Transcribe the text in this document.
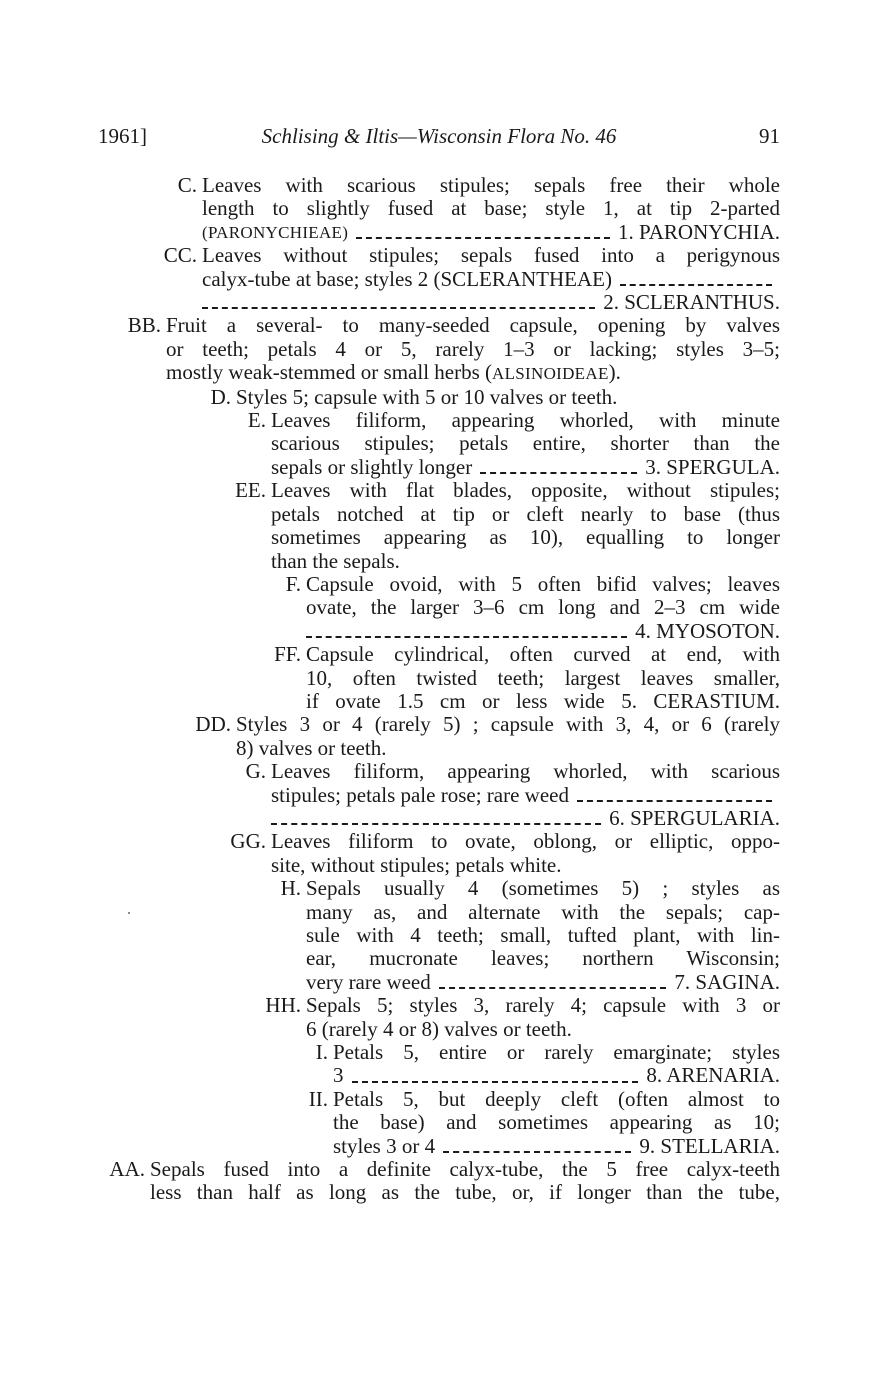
1961]	Schlising & Iltis—Wisconsin Flora No. 46	91
C. Leaves with scarious stipules; sepals free their whole
length to slightly fused at base; style 1, at tip 2-parted
(PARONYCHIEAE)	1. PARONYCHIA.
CC. Leaves without stipules; sepals fused into a perigynous
calyx-tube at base; styles 2 (SCLERANTHEAE)
2. SCLERANTHUS.
BB. Fruit a several- to many-seeded capsule, opening by valves
or teeth; petals 4 or 5, rarely 1–3 or lacking; styles 3–5;
mostly weak-stemmed or small herbs (ALSINOIDEAE).
D. Styles 5; capsule with 5 or 10 valves or teeth.
E. Leaves filiform, appearing whorled, with minute
scarious stipules; petals entire, shorter than the
sepals or slightly longer	3. SPERGULA.
EE. Leaves with flat blades, opposite, without stipules;
petals notched at tip or cleft nearly to base (thus
sometimes appearing as 10), equalling to longer
than the sepals.
F. Capsule ovoid, with 5 often bifid valves; leaves
ovate, the larger 3–6 cm long and 2–3 cm wide
4. MYOSOTON.
FF. Capsule cylindrical, often curved at end, with
10, often twisted teeth; largest leaves smaller,
if ovate 1.5 cm or less wide 5. CERASTIUM.
DD. Styles 3 or 4 (rarely 5) ; capsule with 3, 4, or 6 (rarely
8) valves or teeth.
G. Leaves filiform, appearing whorled, with scarious
stipules; petals pale rose; rare weed
6. SPERGULARIA.
GG. Leaves filiform to ovate, oblong, or elliptic, oppo-
site, without stipules; petals white.
H. Sepals usually 4 (sometimes 5) ; styles as
many as, and alternate with the sepals; cap-
sule with 4 teeth; small, tufted plant, with lin-
ear, mucronate leaves; northern Wisconsin;
very rare weed	7. SAGINA.
HH. Sepals 5; styles 3, rarely 4; capsule with 3 or
6 (rarely 4 or 8) valves or teeth.
I. Petals 5, entire or rarely emarginate; styles
3	8. ARENARIA.
II. Petals 5, but deeply cleft (often almost to
the base) and sometimes appearing as 10;
styles 3 or 4	9. STELLARIA.
AA. Sepals fused into a definite calyx-tube, the 5 free calyx-teeth
less than half as long as the tube, or, if longer than the tube,
